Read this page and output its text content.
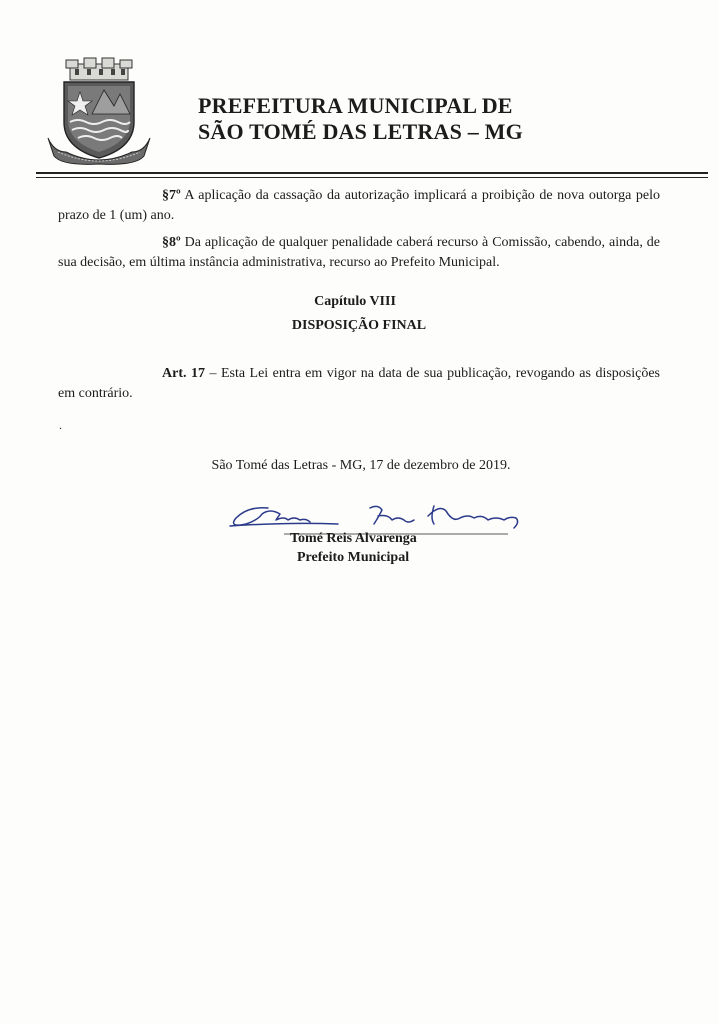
PREFEITURA MUNICIPAL DE
SÃO TOMÉ DAS LETRAS – MG
§7º A aplicação da cassação da autorização implicará a proibição de nova outorga pelo prazo de 1 (um) ano.
§8º Da aplicação de qualquer penalidade caberá recurso à Comissão, cabendo, ainda, de sua decisão, em última instância administrativa, recurso ao Prefeito Municipal.
Capítulo VIII
DISPOSIÇÃO FINAL
Art. 17 – Esta Lei entra em vigor na data de sua publicação, revogando as disposições em contrário.
.
São Tomé das Letras - MG, 17 de dezembro de 2019.
Tomé Reis Alvarenga
Prefeito Municipal
